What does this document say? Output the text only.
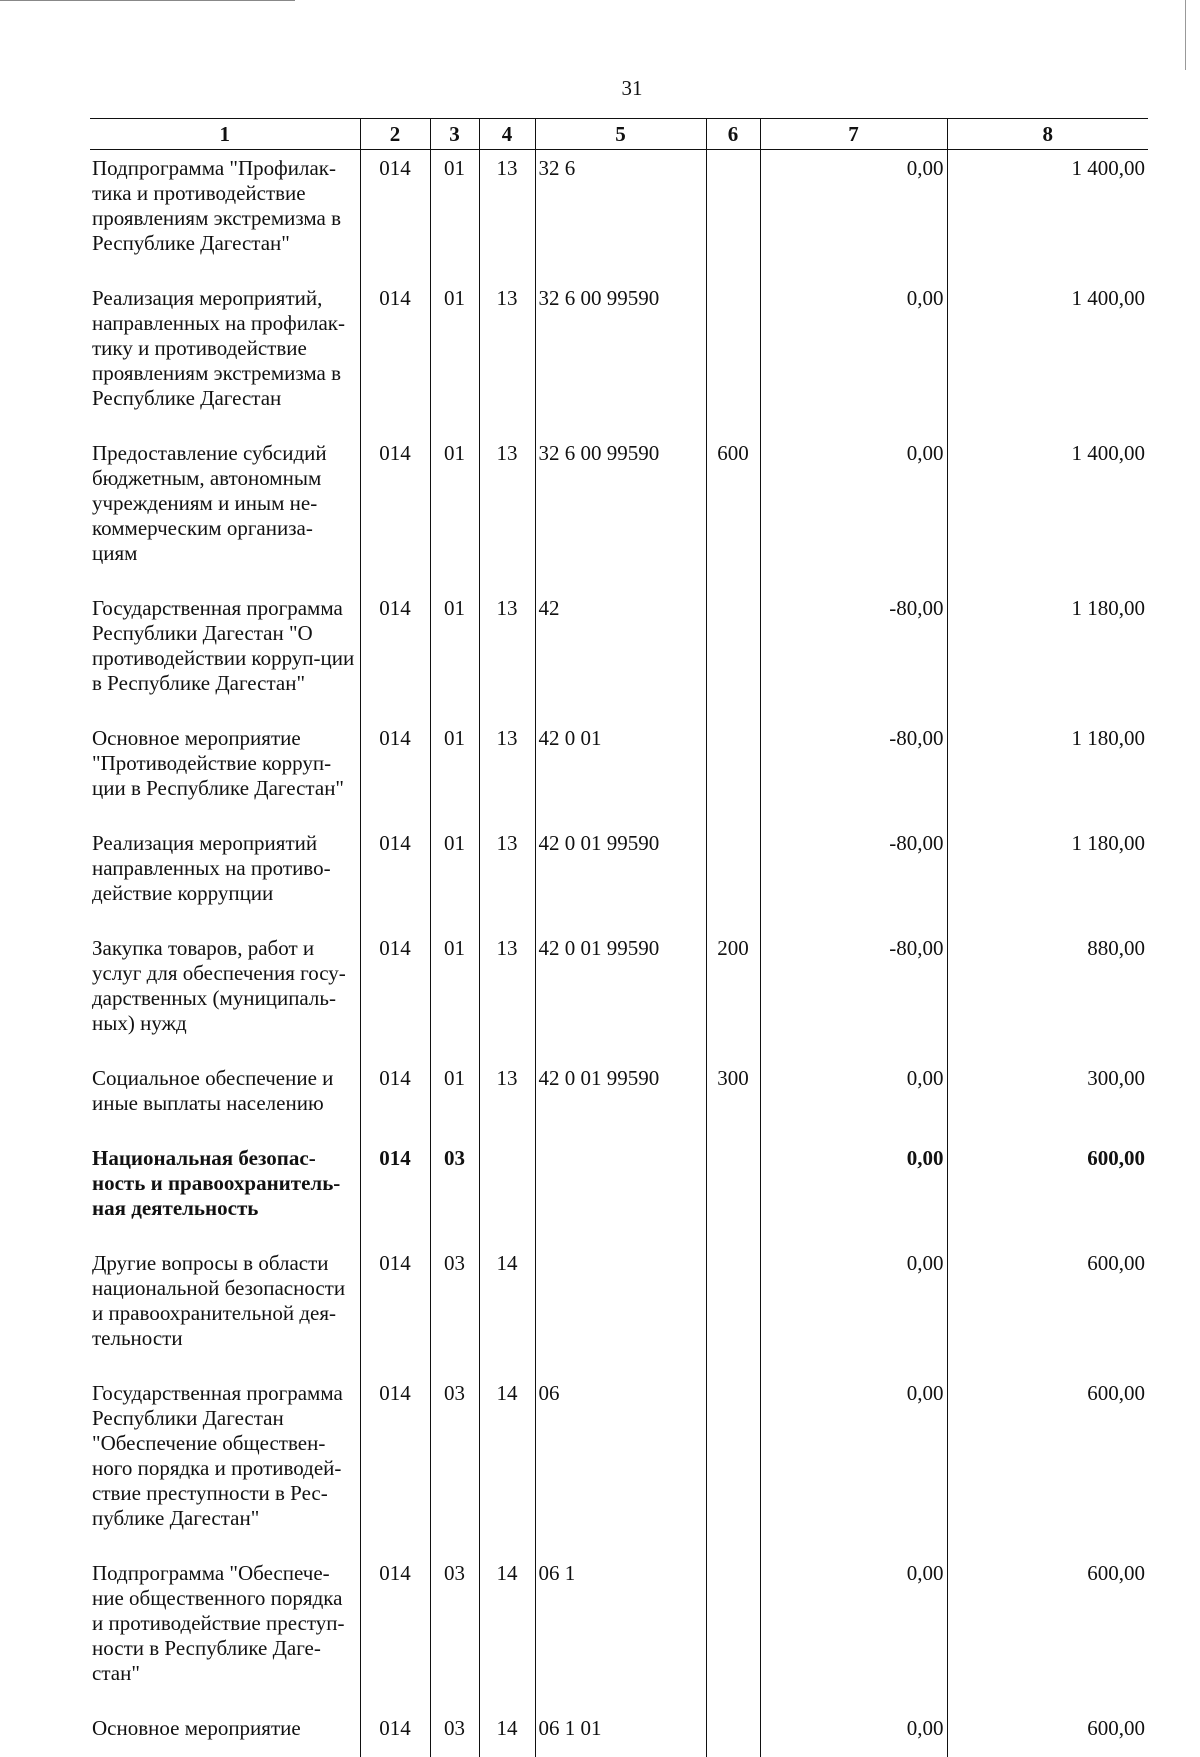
31
1	2	3	4	5	6	7	8
Подпрограмма "Профилак-тика и противодействие проявлениям экстремизма в Республике Дагестан"	014	01	13	32 6		0,00	1 400,00
Реализация мероприятий, направленных на профилак-тику и противодействие проявлениям экстремизма в Республике Дагестан	014	01	13	32 6 00 99590		0,00	1 400,00
Предоставление субсидий бюджетным, автономным учреждениям и иным не-коммерческим организа-циям	014	01	13	32 6 00 99590	600	0,00	1 400,00
Государственная программа Республики Дагестан "О противодействии корруп-ции в Республике Дагестан"	014	01	13	42		-80,00	1 180,00
Основное мероприятие "Противодействие корруп-ции в Республике Дагестан"	014	01	13	42 0 01		-80,00	1 180,00
Реализация мероприятий направленных на противо-действие коррупции	014	01	13	42 0 01 99590		-80,00	1 180,00
Закупка товаров, работ и услуг для обеспечения госу-дарственных (муниципаль-ных) нужд	014	01	13	42 0 01 99590	200	-80,00	880,00
Социальное обеспечение и иные выплаты населению	014	01	13	42 0 01 99590	300	0,00	300,00
Национальная безопас-ность и правоохранитель-ная деятельность	014	03				0,00	600,00
Другие вопросы в области национальной безопасности и правоохранительной дея-тельности	014	03	14			0,00	600,00
Государственная программа Республики Дагестан "Обеспечение обществен-ного порядка и противодей-ствие преступности в Рес-публике Дагестан"	014	03	14	06		0,00	600,00
Подпрограмма "Обеспече-ние общественного порядка и противодействие преступ-ности в Республике Даге-стан"	014	03	14	06 1		0,00	600,00
Основное мероприятие	014	03	14	06 1 01		0,00	600,00
